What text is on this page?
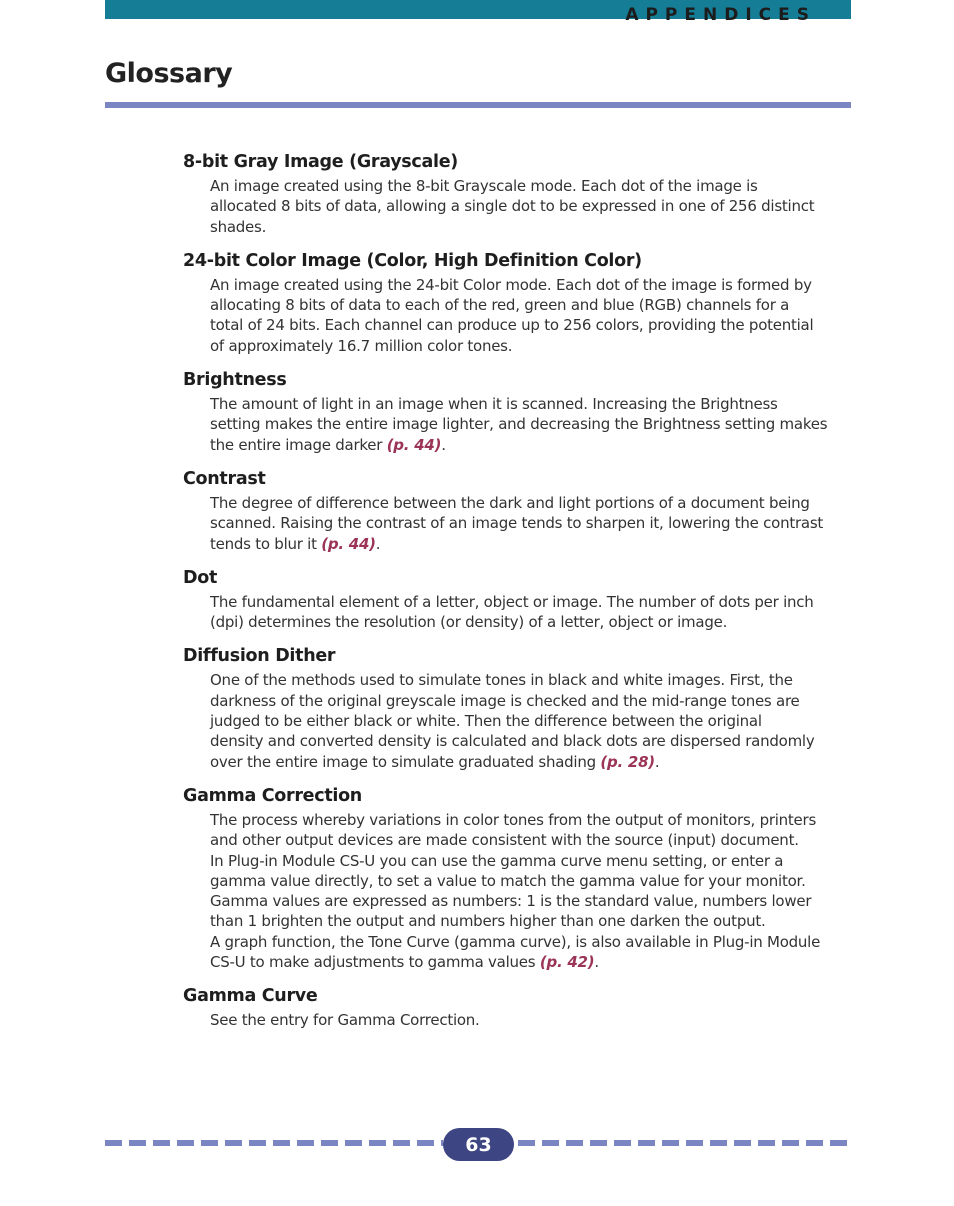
APPENDICES
Glossary
8-bit Gray Image (Grayscale)
An image created using the 8-bit Grayscale mode. Each dot of the image is
allocated 8 bits of data, allowing a single dot to be expressed in one of 256 distinct
shades.
24-bit Color Image (Color, High Definition Color)
An image created using the 24-bit Color mode. Each dot of the image is formed by
allocating 8 bits of data to each of the red, green and blue (RGB) channels for a
total of 24 bits. Each channel can produce up to 256 colors, providing the potential
of approximately 16.7 million color tones.
Brightness
The amount of light in an image when it is scanned. Increasing the Brightness
setting makes the entire image lighter, and decreasing the Brightness setting makes
the entire image darker (p. 44).
Contrast
The degree of difference between the dark and light portions of a document being
scanned. Raising the contrast of an image tends to sharpen it, lowering the contrast
tends to blur it (p. 44).
Dot
The fundamental element of a letter, object or image. The number of dots per inch
(dpi) determines the resolution (or density) of a letter, object or image.
Diffusion Dither
One of the methods used to simulate tones in black and white images. First, the
darkness of the original greyscale image is checked and the mid-range tones are
judged to be either black or white. Then the difference between the original
density and converted density is calculated and black dots are dispersed randomly
over the entire image to simulate graduated shading (p. 28).
Gamma Correction
The process whereby variations in color tones from the output of monitors, printers
and other output devices are made consistent with the source (input) document.
In Plug-in Module CS-U you can use the gamma curve menu setting, or enter a
gamma value directly, to set a value to match the gamma value for your monitor.
Gamma values are expressed as numbers: 1 is the standard value, numbers lower
than 1 brighten the output and numbers higher than one darken the output.
A graph function, the Tone Curve (gamma curve), is also available in Plug-in Module
CS-U to make adjustments to gamma values (p. 42).
Gamma Curve
See the entry for Gamma Correction.
63
